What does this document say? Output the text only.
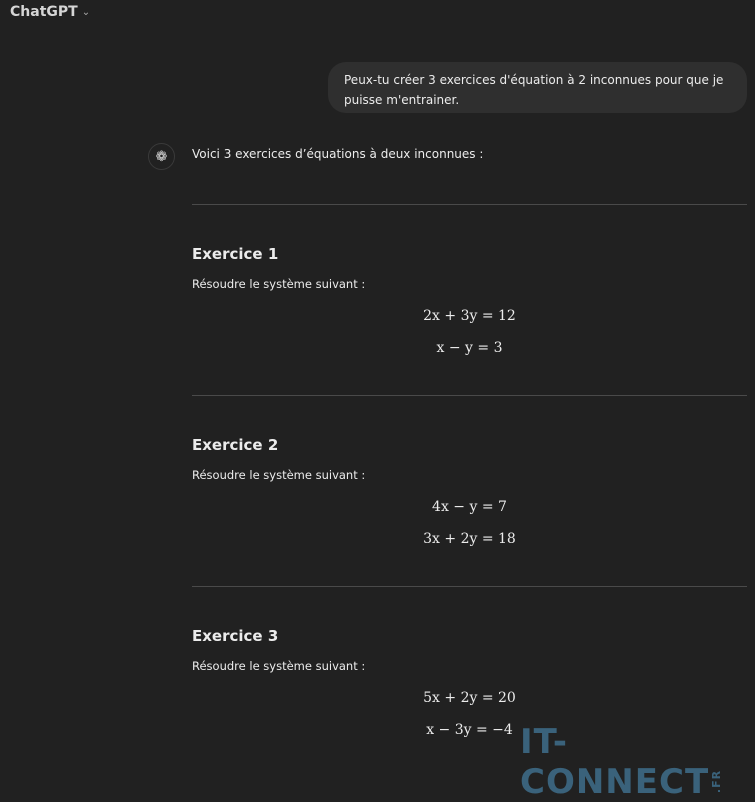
ChatGPT ⌄
Peux-tu créer 3 exercices d'équation à 2 inconnues pour que je puisse m'entrainer.
❁	Voici 3 exercices d’équations à deux inconnues :
Exercice 1
Résoudre le système suivant :
2x + 3y = 12
x − y = 3
Exercice 2
Résoudre le système suivant :
4x − y = 7
3x + 2y = 18
Exercice 3
Résoudre le système suivant :
5x + 2y = 20
x − 3y = −4 IT-CONNECT.FR
